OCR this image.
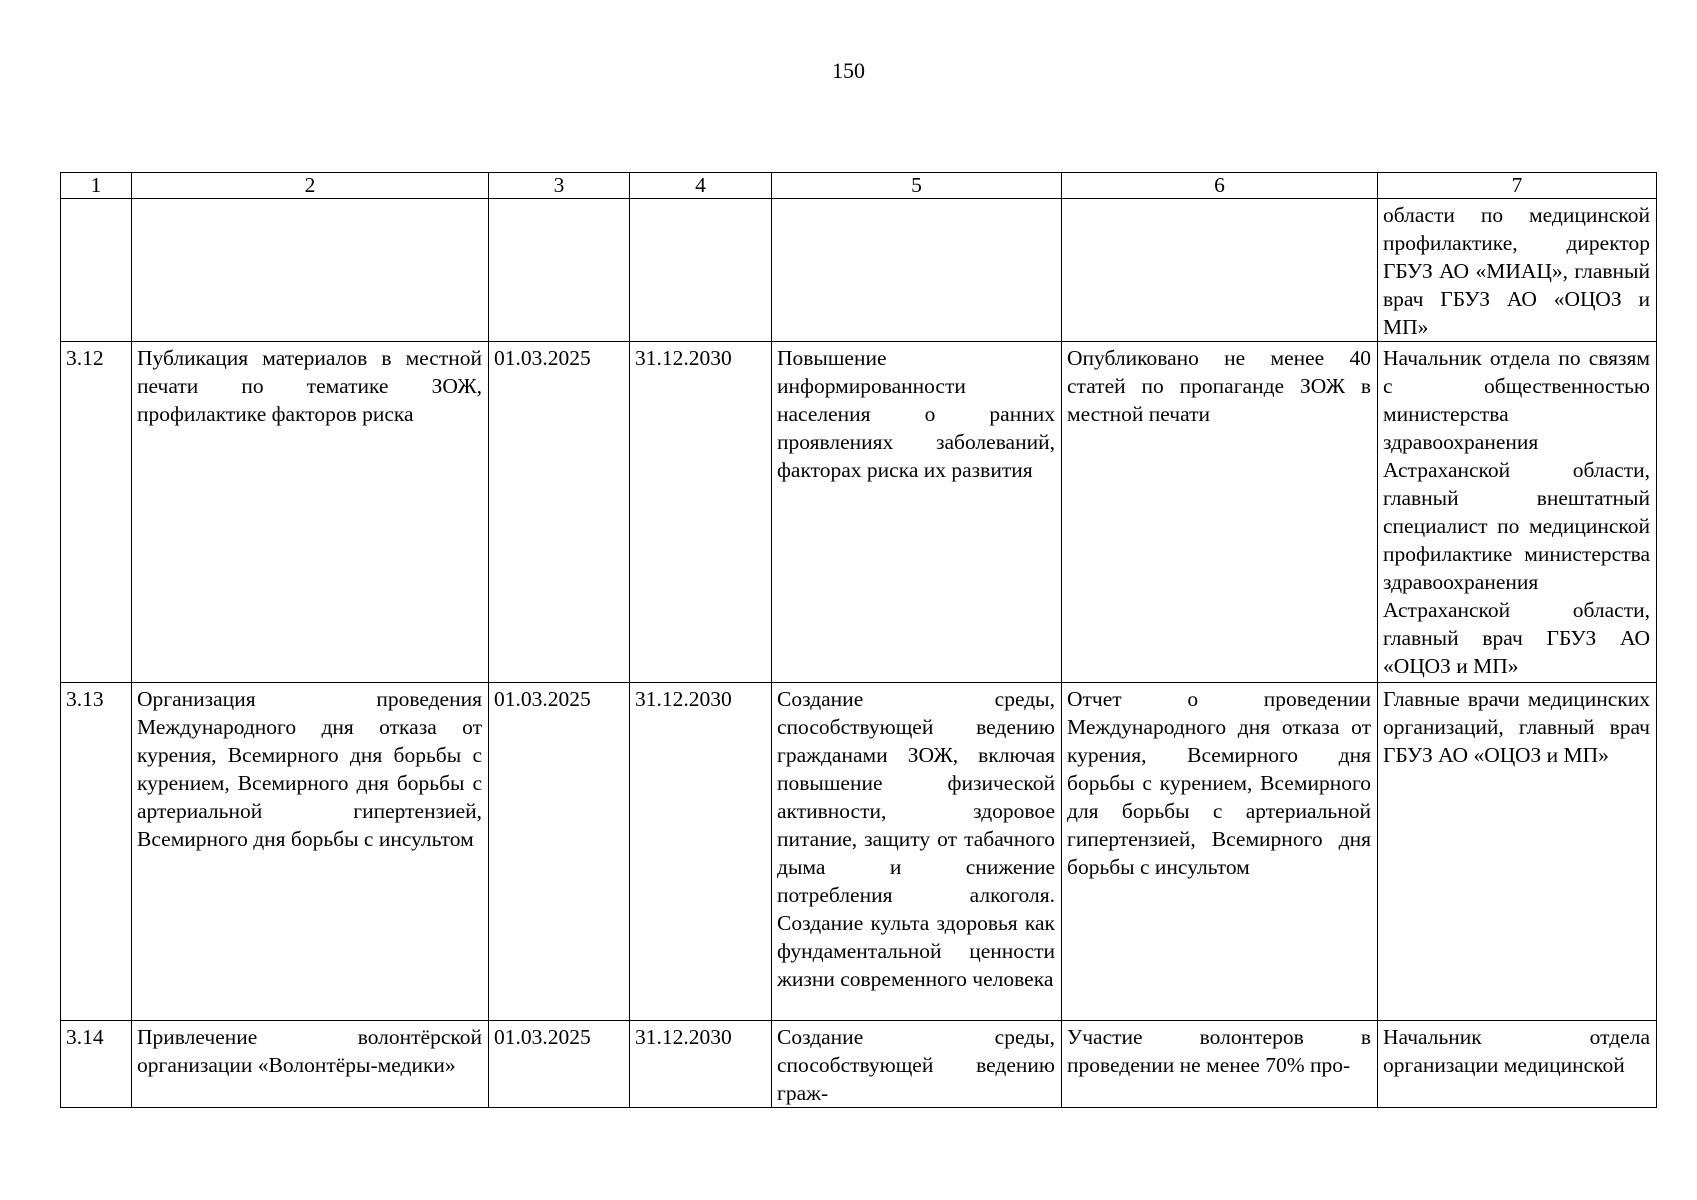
150
1	2	3	4	5	6	7
						области по медицинской профилактике, директор ГБУЗ АО «МИАЦ», главный врач ГБУЗ АО «ОЦОЗ и МП»
3.12	Публикация материалов в местной печати по тематике ЗОЖ, профилактике факторов риска	01.03.2025	31.12.2030	Повышение информированности населения о ранних проявлениях заболеваний, факторах риска их развития	Опубликовано не менее 40 статей по пропаганде ЗОЖ в местной печати	Начальник отдела по связям с общественностью министерства здравоохранения Астраханской области, главный внештатный специалист по медицинской профилактике министерства здравоохранения Астраханской области, главный врач ГБУЗ АО «ОЦОЗ и МП»
3.13	Организация проведения Международного дня отказа от курения, Всемирного дня борьбы с курением, Всемирного дня борьбы с артериальной гипертензией, Всемирного дня борьбы с инсультом	01.03.2025	31.12.2030	Создание среды, способствующей ведению гражданами ЗОЖ, включая повышение физической активности, здоровое питание, защиту от табачного дыма и снижение потребления алкоголя. Создание культа здоровья как фундаментальной ценности жизни современного человека	Отчет о проведении Международного дня отказа от курения, Всемирного дня борьбы с курением, Всемирного для борьбы с артериальной гипертензией, Всемирного дня борьбы с инсультом	Главные врачи медицинских организаций, главный врач ГБУЗ АО «ОЦОЗ и МП»
3.14	Привлечение волонтёрской организации «Волонтёры-медики»	01.03.2025	31.12.2030	Создание среды, способствующей ведению граж-	Участие волонтеров в проведении не менее 70% про-	Начальник отдела организации медицинской
